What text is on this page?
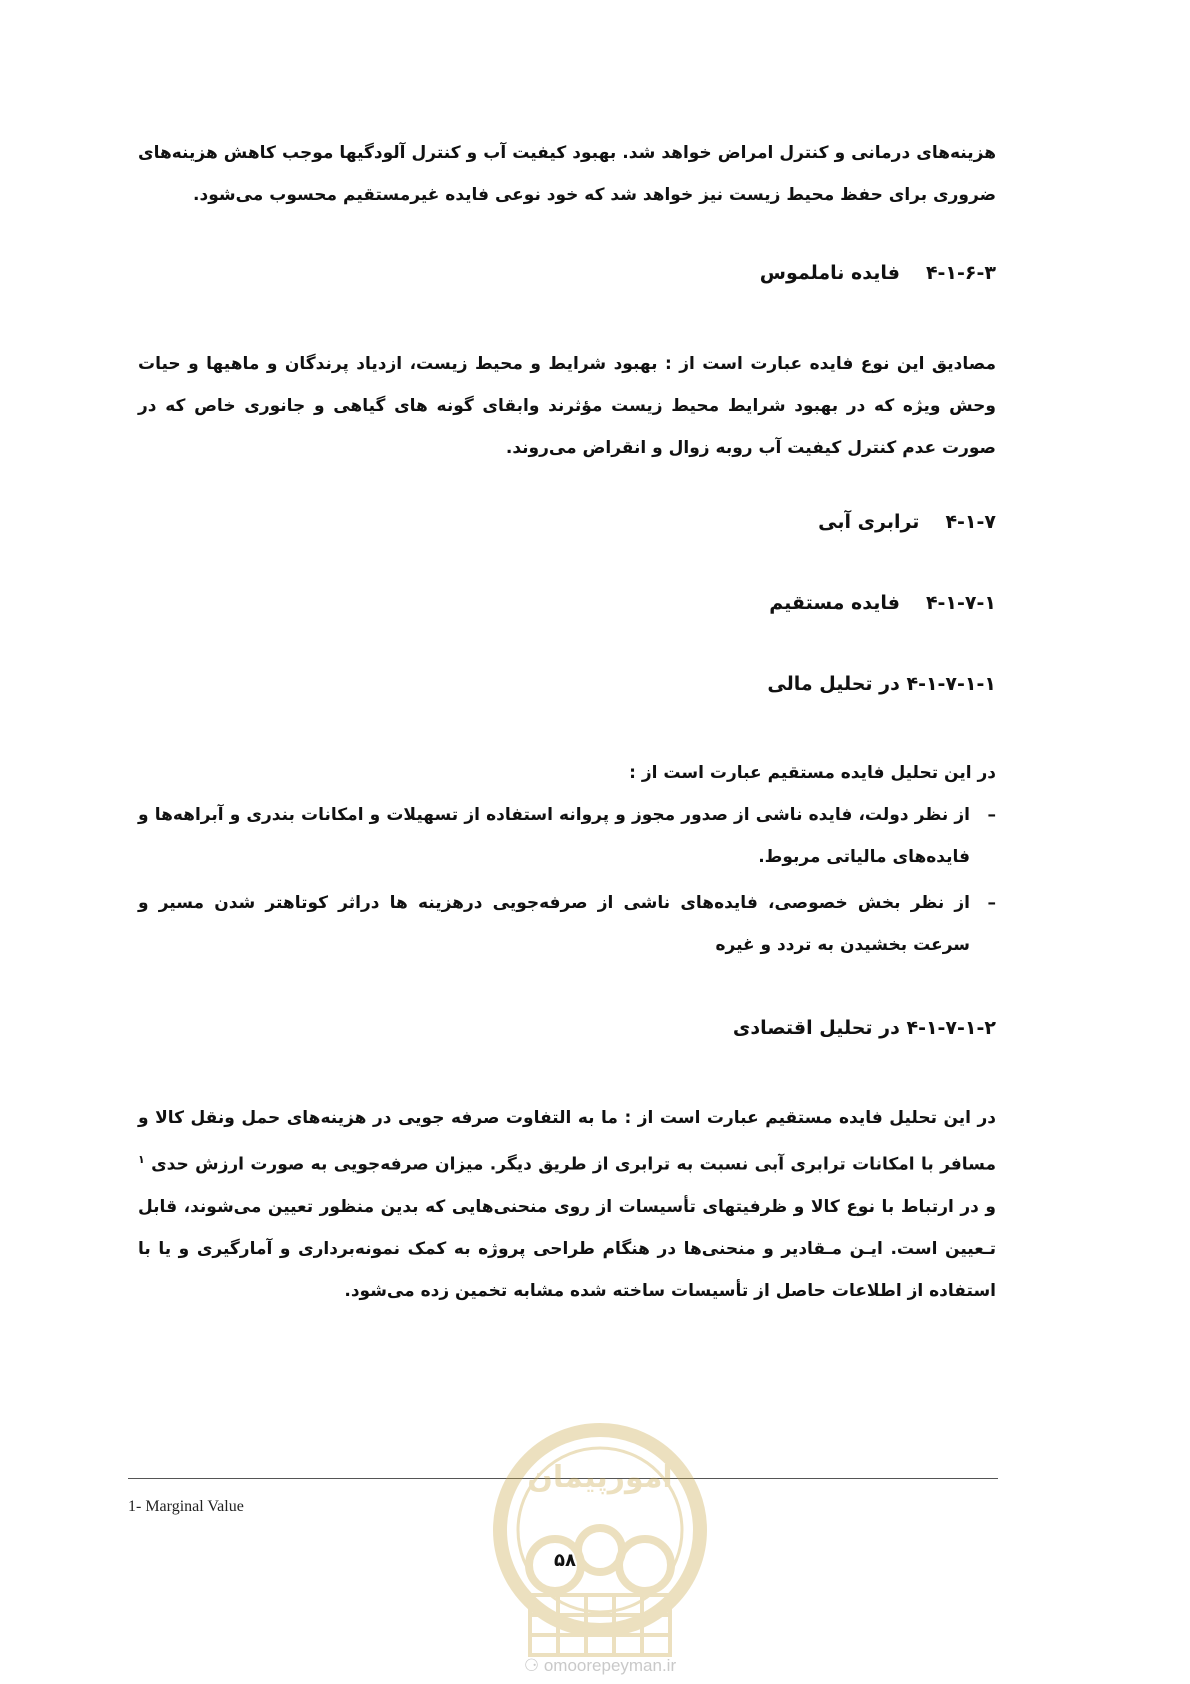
هزینه‌های درمانی و کنترل امراض خواهد شد. بهبود کیفیت آب و کنترل آلودگیها موجب کاهش هزینه‌های ضروری برای حفظ محیط زیست نیز خواهد شد که خود نوعی فایده غیرمستقیم محسوب می‌شود.

۴-۱-۶-۳فایده ناملموس

مصادیق این نوع فایده عبارت است از : بهبود شرایط و محیط زیست، ازدیاد پرندگان و ماهیها و حیات وحش ویژه که در بهبود شرایط محیط زیست مؤثرند وابقای گونه های گیاهی و جانوری خاص که در صورت عدم کنترل کیفیت آب روبه زوال و انقراض می‌روند.

۴-۱-۷ترابری آبی
۴-۱-۷-۱فایده مستقیم
۴-۱-۷-۱-۱ در تحلیل مالی

در این تحلیل فایده مستقیم عبارت است از :

–
از نظر دولت، فایده ناشی از صدور مجوز و پروانه استفاده از تسهیلات و امکانات بندری و آبراهه‌ها و فایده‌های مالیاتی مربوط.
–
از نظر بخش خصوصی، فایده‌های ناشی از صرفه‌جویی درهزینه ها دراثر کوتاهتر شدن مسیر و سرعت بخشیدن به تردد و غیره
۴-۱-۷-۱-۲ در تحلیل اقتصادی

در این تحلیل فایده مستقیم عبارت است از : ما به التفاوت صرفه جویی در هزینه‌های حمل ونقل کالا و مسافر با امکانات ترابری آبی نسبت به ترابری از طریق دیگر. میزان صرفه‌جویی به صورت ارزش حدی $^۱$ و در ارتباط با نوع کالا و ظرفیتهای تأسیسات از روی منحنی‌هایی که بدین منظور تعیین می‌شوند، قابل تـعیین است. ایـن مـقادیر و منحنی‌ها در هنگام طراحی پروژه به کمک نمونه‌برداری و آمارگیری و یا با استفاده از اطلاعات حاصل از تأسیسات ساخته شده مشابه تخمین زده می‌شود.

1- Marginal Value
امورپیمان
۵۸
⚆ omoorepeyman.ir
